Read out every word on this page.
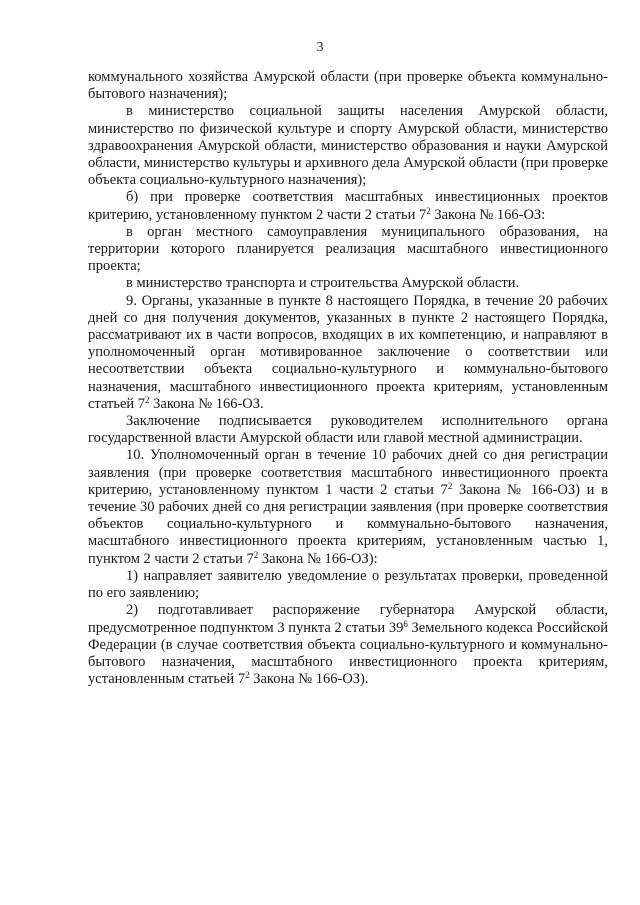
3

коммунального хозяйства Амурской области (при проверке объекта коммунально-бытового назначения);

в министерство социальной защиты населения Амурской области, министерство по физической культуре и спорту Амурской области, министерство здравоохранения Амурской области, министерство образования и науки Амурской области, министерство культуры и архивного дела Амурской области (при проверке объекта социально-культурного назначения);

б) при проверке соответствия масштабных инвестиционных проектов критерию, установленному пунктом 2 части 2 статьи $7^2$ Закона № 166-ОЗ:

в орган местного самоуправления муниципального образования, на территории которого планируется реализация масштабного инвестиционного проекта;

в министерство транспорта и строительства Амурской области.

9. Органы, указанные в пункте 8 настоящего Порядка, в течение 20 рабочих дней со дня получения документов, указанных в пункте 2 настоящего Порядка, рассматривают их в части вопросов, входящих в их компетенцию, и направляют в уполномоченный орган мотивированное заключение о соответствии или несоответствии объекта социально-культурного и коммунально-бытового назначения, масштабного инвестиционного проекта критериям, установленным статьей $7^2$ Закона № 166-ОЗ.

Заключение подписывается руководителем исполнительного органа государственной власти Амурской области или главой местной администрации.

10. Уполномоченный орган в течение 10 рабочих дней со дня регистрации заявления (при проверке соответствия масштабного инвестиционного проекта критерию, установленному пунктом 1 части 2 статьи $7^2$ Закона № 166-ОЗ) и в течение 30 рабочих дней со дня регистрации заявления (при проверке соответствия объектов социально-культурного и коммунально-бытового назначения, масштабного инвестиционного проекта критериям, установленным частью 1, пунктом 2 части 2 статьи $7^2$ Закона № 166-ОЗ):

1) направляет заявителю уведомление о результатах проверки, проведенной по его заявлению;

2) подготавливает распоряжение губернатора Амурской области, предусмотренное подпунктом 3 пункта 2 статьи $39^6$ Земельного кодекса Российской Федерации (в случае соответствия объекта социально-культурного и коммунально-бытового назначения, масштабного инвестиционного проекта критериям, установленным статьей $7^2$ Закона № 166-ОЗ).
